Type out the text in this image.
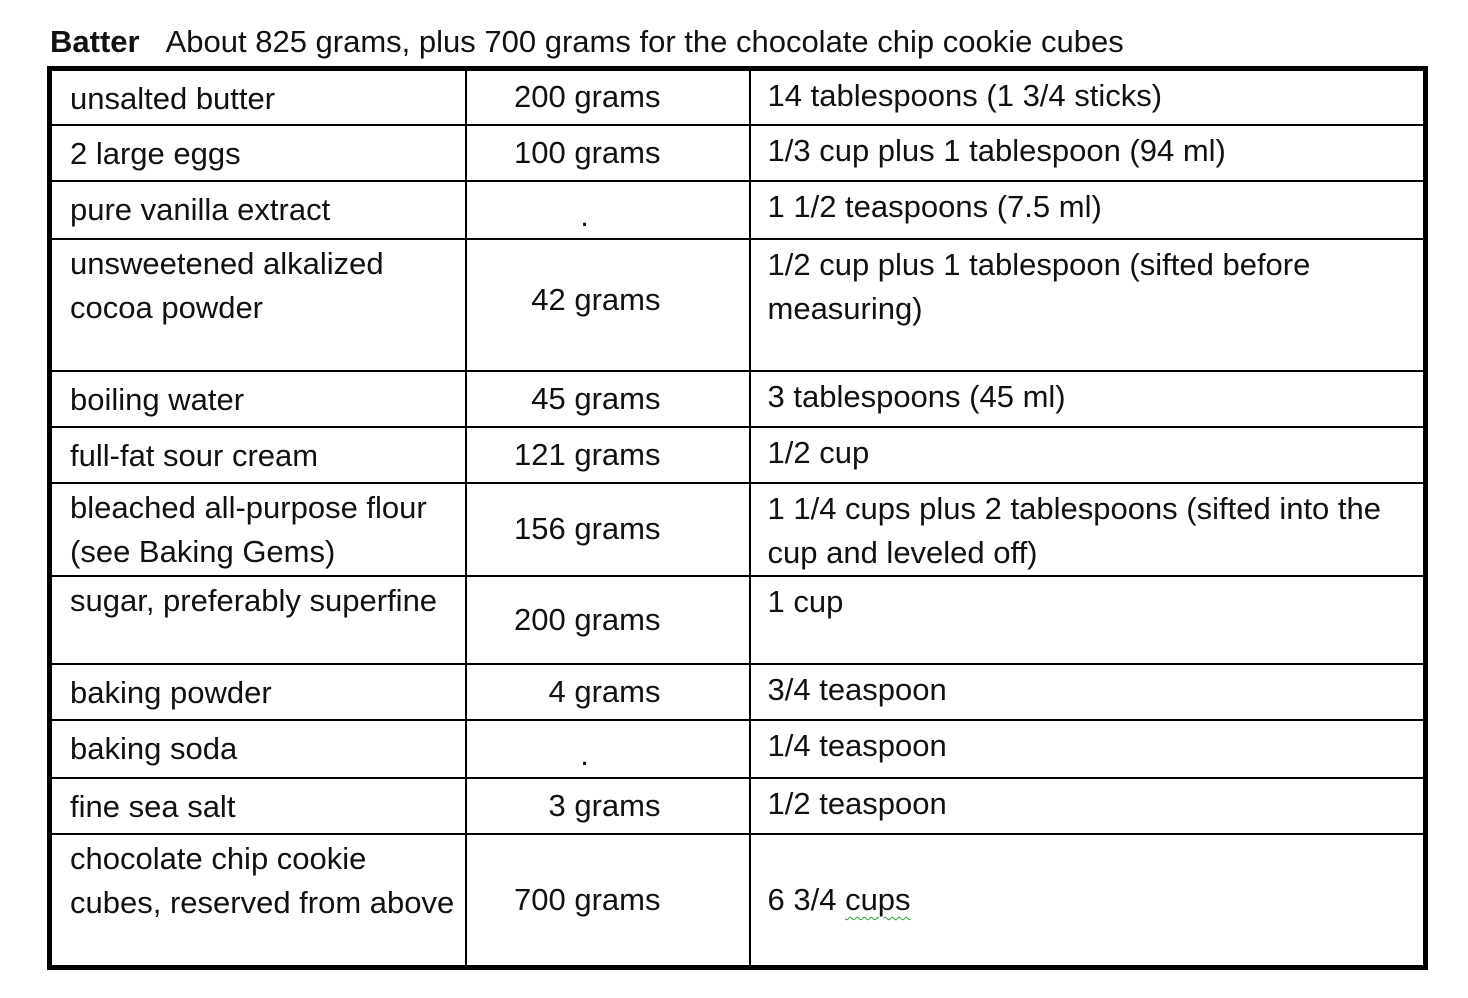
Batter About 825 grams, plus 700 grams for the chocolate chip cookie cubes
unsalted butter	200 grams	14 tablespoons (1 3/4 sticks)
2 large eggs	100 grams	1/3 cup plus 1 tablespoon (94 ml)
pure vanilla extract	.	1 1/2 teaspoons (7.5 ml)
unsweetened alkalized cocoa powder	42 grams	1/2 cup plus 1 tablespoon (sifted before measuring)
boiling water	45 grams	3 tablespoons (45 ml)
full-fat sour cream	121 grams	1/2 cup
bleached all-purpose flour (see Baking Gems)	156 grams	1 1/4 cups plus 2 tablespoons (sifted into the cup and leveled off)
sugar, preferably superfine	200 grams	1 cup
baking powder	4 grams	3/4 teaspoon
baking soda	.	1/4 teaspoon
fine sea salt	3 grams	1/2 teaspoon
chocolate chip cookie cubes, reserved from above	700 grams	6 3/4 cups
